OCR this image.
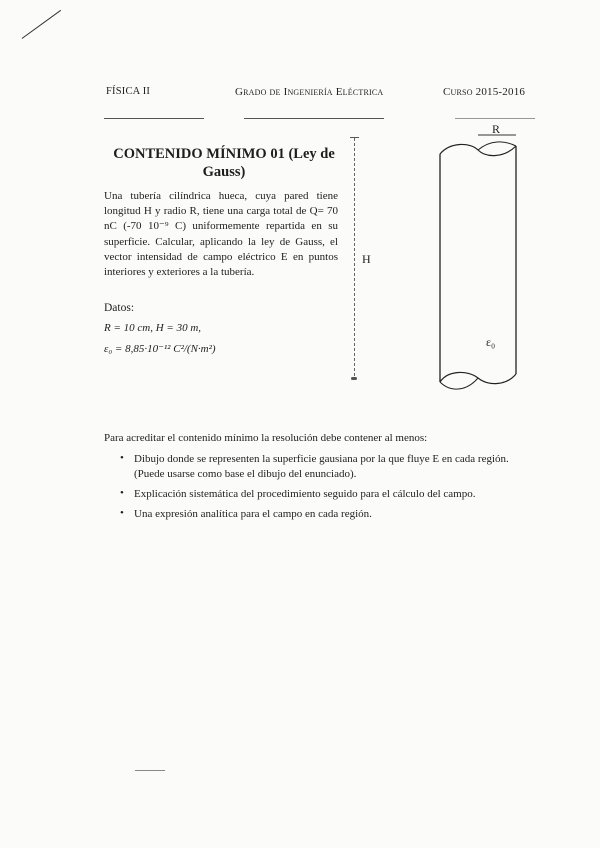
FÍSICA II	Grado de Ingeniería Eléctrica	Curso 2015-2016
CONTENIDO MÍNIMO 01 (Ley de Gauss)
Una tubería cilíndrica hueca, cuya pared tiene longitud H y radio R, tiene una carga total de Q= 70 nC (-70 10⁻⁹ C) uniformemente repartida en su superficie. Calcular, aplicando la ley de Gauss, el vector intensidad de campo eléctrico E en puntos interiores y exteriores a la tubería.
Datos:
R = 10 cm, H = 30 m,
ε₀ = 8,85·10⁻¹² C²/(N·m²)
H
R
ε₀
Para acreditar el contenido mínimo la resolución debe contener al menos:
• Dibujo donde se representen la superficie gausiana por la que fluye E en cada región. (Puede usarse como base el dibujo del enunciado).
• Explicación sistemática del procedimiento seguido para el cálculo del campo.
• Una expresión analítica para el campo en cada región.
